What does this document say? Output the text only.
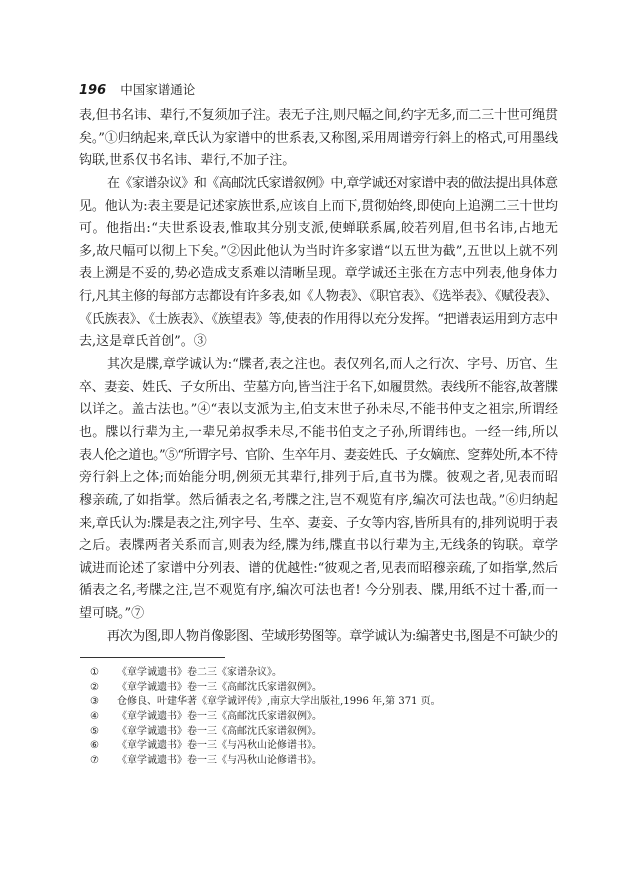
196 中国家谱通论
表,但书名讳、辈行,不复须加子注。表无子注,则尺幅之间,约字无多,而二三十世可绳贯
矣。”①归纳起来,章氏认为家谱中的世系表,又称图,采用周谱旁行斜上的格式,可用墨线
钩联,世系仅书名讳、辈行,不加子注。
在《家谱杂议》和《高邮沈氏家谱叙例》中,章学诚还对家谱中表的做法提出具体意
见。他认为:表主要是记述家族世系,应该自上而下,贯彻始终,即使向上追溯二三十世均
可。他指出:“夫世系设表,惟取其分别支派,使蝉联系属,皎若列眉,但书名讳,占地无
多,故尺幅可以彻上下矣。”②因此他认为当时许多家谱“以五世为截”,五世以上就不列
表上溯是不妥的,势必造成支系难以清晰呈现。章学诚还主张在方志中列表,他身体力
行,凡其主修的每部方志都设有许多表,如《人物表》、《职官表》、《选举表》、《赋役表》、
《氏族表》、《士族表》、《族望表》等,使表的作用得以充分发挥。“把谱表运用到方志中
去,这是章氏首创”。③
其次是牒,章学诚认为:“牒者,表之注也。表仅列名,而人之行次、字号、历官、生
卒、妻妾、姓氏、子女所出、茔墓方向,皆当注于名下,如履贯然。表线所不能容,故著牒
以详之。盖古法也。”④“表以支派为主,伯支末世子孙未尽,不能书仲支之祖宗,所谓经
也。牒以行辈为主,一辈兄弟叔季未尽,不能书伯支之子孙,所谓纬也。一经一纬,所以
表人伦之道也。”⑤“所谓字号、官阶、生卒年月、妻妾姓氏、子女嫡庶、窆葬处所,本不待
旁行斜上之体;而始能分明,例须无其辈行,排列于后,直书为牒。彼观之者,见表而昭
穆亲疏,了如指掌。然后循表之名,考牒之注,岂不观览有序,编次可法也哉。”⑥归纳起
来,章氏认为:牒是表之注,列字号、生卒、妻妾、子女等内容,皆所具有的,排列说明于表
之后。表牒两者关系而言,则表为经,牒为纬,牒直书以行辈为主,无线条的钩联。章学
诚进而论述了家谱中分列表、谱的优越性:“彼观之者,见表而昭穆亲疏,了如指掌,然后
循表之名,考牒之注,岂不观览有序,编次可法也者! 今分别表、牒,用纸不过十番,而一
望可晓。”⑦
再次为图,即人物肖像影图、茔域形势图等。章学诚认为:编著史书,图是不可缺少的
① 《章学诚遗书》卷二三《家谱杂议》。
② 《章学诚遗书》卷一三《高邮沈氏家谱叙例》。
③ 仓修良、叶建华著《章学诚评传》,南京大学出版社,1996 年,第 371 页。
④ 《章学诚遗书》卷一三《高邮沈氏家谱叙例》。
⑤ 《章学诚遗书》卷一三《高邮沈氏家谱叙例》。
⑥ 《章学诚遗书》卷一三《与冯秋山论修谱书》。
⑦ 《章学诚遗书》卷一三《与冯秋山论修谱书》。
